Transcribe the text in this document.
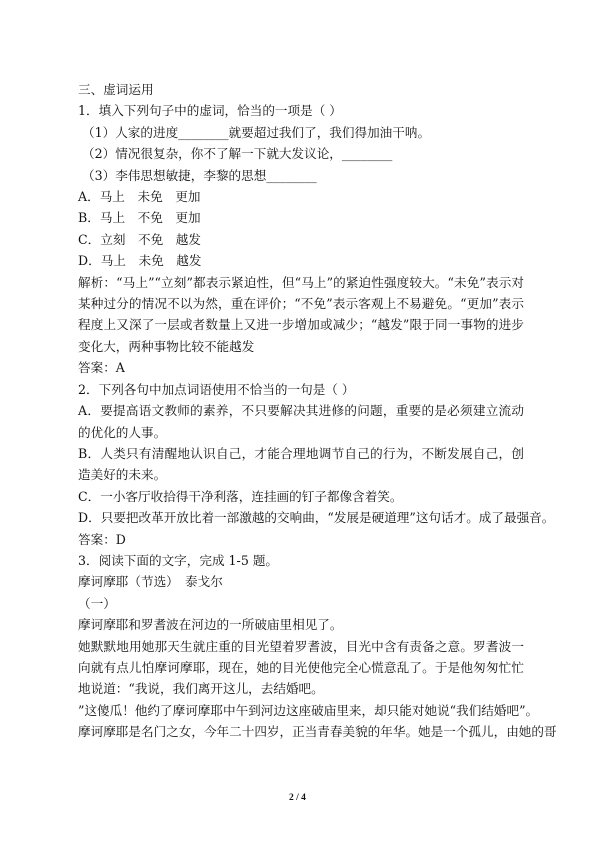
三、虚词运用

1．填入下列句子中的虚词，恰当的一项是（ ）

（1）人家的进度________就要超过我们了，我们得加油干呐。

（2）情况很复杂，你不了解一下就大发议论，________

（3）李伟思想敏捷，李黎的思想________

A．马上　未免　更加

B．马上　不免　更加

C．立刻　不免　越发

D．马上　未免　越发

解析：“马上”“立刻”都表示紧迫性，但“马上”的紧迫性强度较大。“未免”表示对某种过分的情况不以为然，重在评价；“不免”表示客观上不易避免。“更加”表示程度上又深了一层或者数量上又进一步增加或减少；“越发”限于同一事物的进步变化大，两种事物比较不能越发

答案：A

2．下列各句中加点词语使用不恰当的一句是（ ）

A．要提高语文教师的素养，不只要解决其进修的问题，重要的是必须建立流动的优化的人事。

B．人类只有清醒地认识自己，才能合理地调节自己的行为，不断发展自己，创造美好的未来。

C．一小客厅收拾得干净利落，连挂画的钉子都像含着笑。

D．只要把改革开放比着一部激越的交响曲，“发展是硬道理”这句话才。成了最强音。

答案：D

3．阅读下面的文字，完成 1-5 题。

摩诃摩耶（节选）　泰戈尔

（一）

摩诃摩耶和罗耆波在河边的一所破庙里相见了。

她默默地用她那天生就庄重的目光望着罗耆波，目光中含有责备之意。罗耆波一向就有点儿怕摩诃摩耶，现在，她的目光使他完全心慌意乱了。于是他匆匆忙忙地说道：“我说，我们离开这儿，去结婚吧。

”这傻瓜！他约了摩诃摩耶中午到河边这座破庙里来，却只能对她说“我们结婚吧”。

摩诃摩耶是名门之女，今年二十四岁，正当青春美貌的年华。她是一个孤儿，由她的哥

2 / 4
